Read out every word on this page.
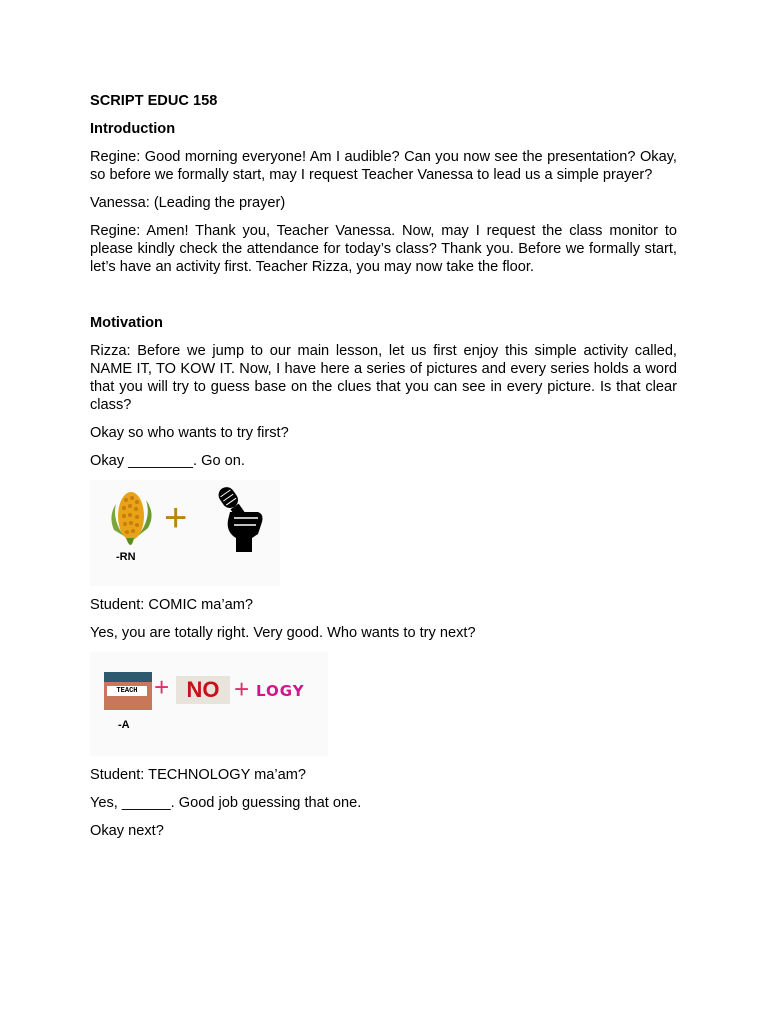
SCRIPT EDUC 158
Introduction
Regine: Good morning everyone! Am I audible? Can you now see the presentation? Okay, so before we formally start, may I request Teacher Vanessa to lead us a simple prayer?
Vanessa: (Leading the prayer)
Regine: Amen! Thank you, Teacher Vanessa. Now, may I request the class monitor to please kindly check the attendance for today’s class? Thank you. Before we formally start, let’s have an activity first. Teacher Rizza, you may now take the floor.
Motivation
Rizza: Before we jump to our main lesson, let us first enjoy this simple activity called, NAME IT, TO KOW IT. Now, I have here a series of pictures and every series holds a word that you will try to guess base on the clues that you can see in every picture. Is that clear class?
Okay so who wants to try first?
Okay ________. Go on.
+
-RN
Student: COMIC ma’am?
Yes, you are totally right. Very good. Who wants to try next?
TEACH + NO + LOGY
-A
Student: TECHNOLOGY ma’am?
Yes, ______. Good job guessing that one.
Okay next?
